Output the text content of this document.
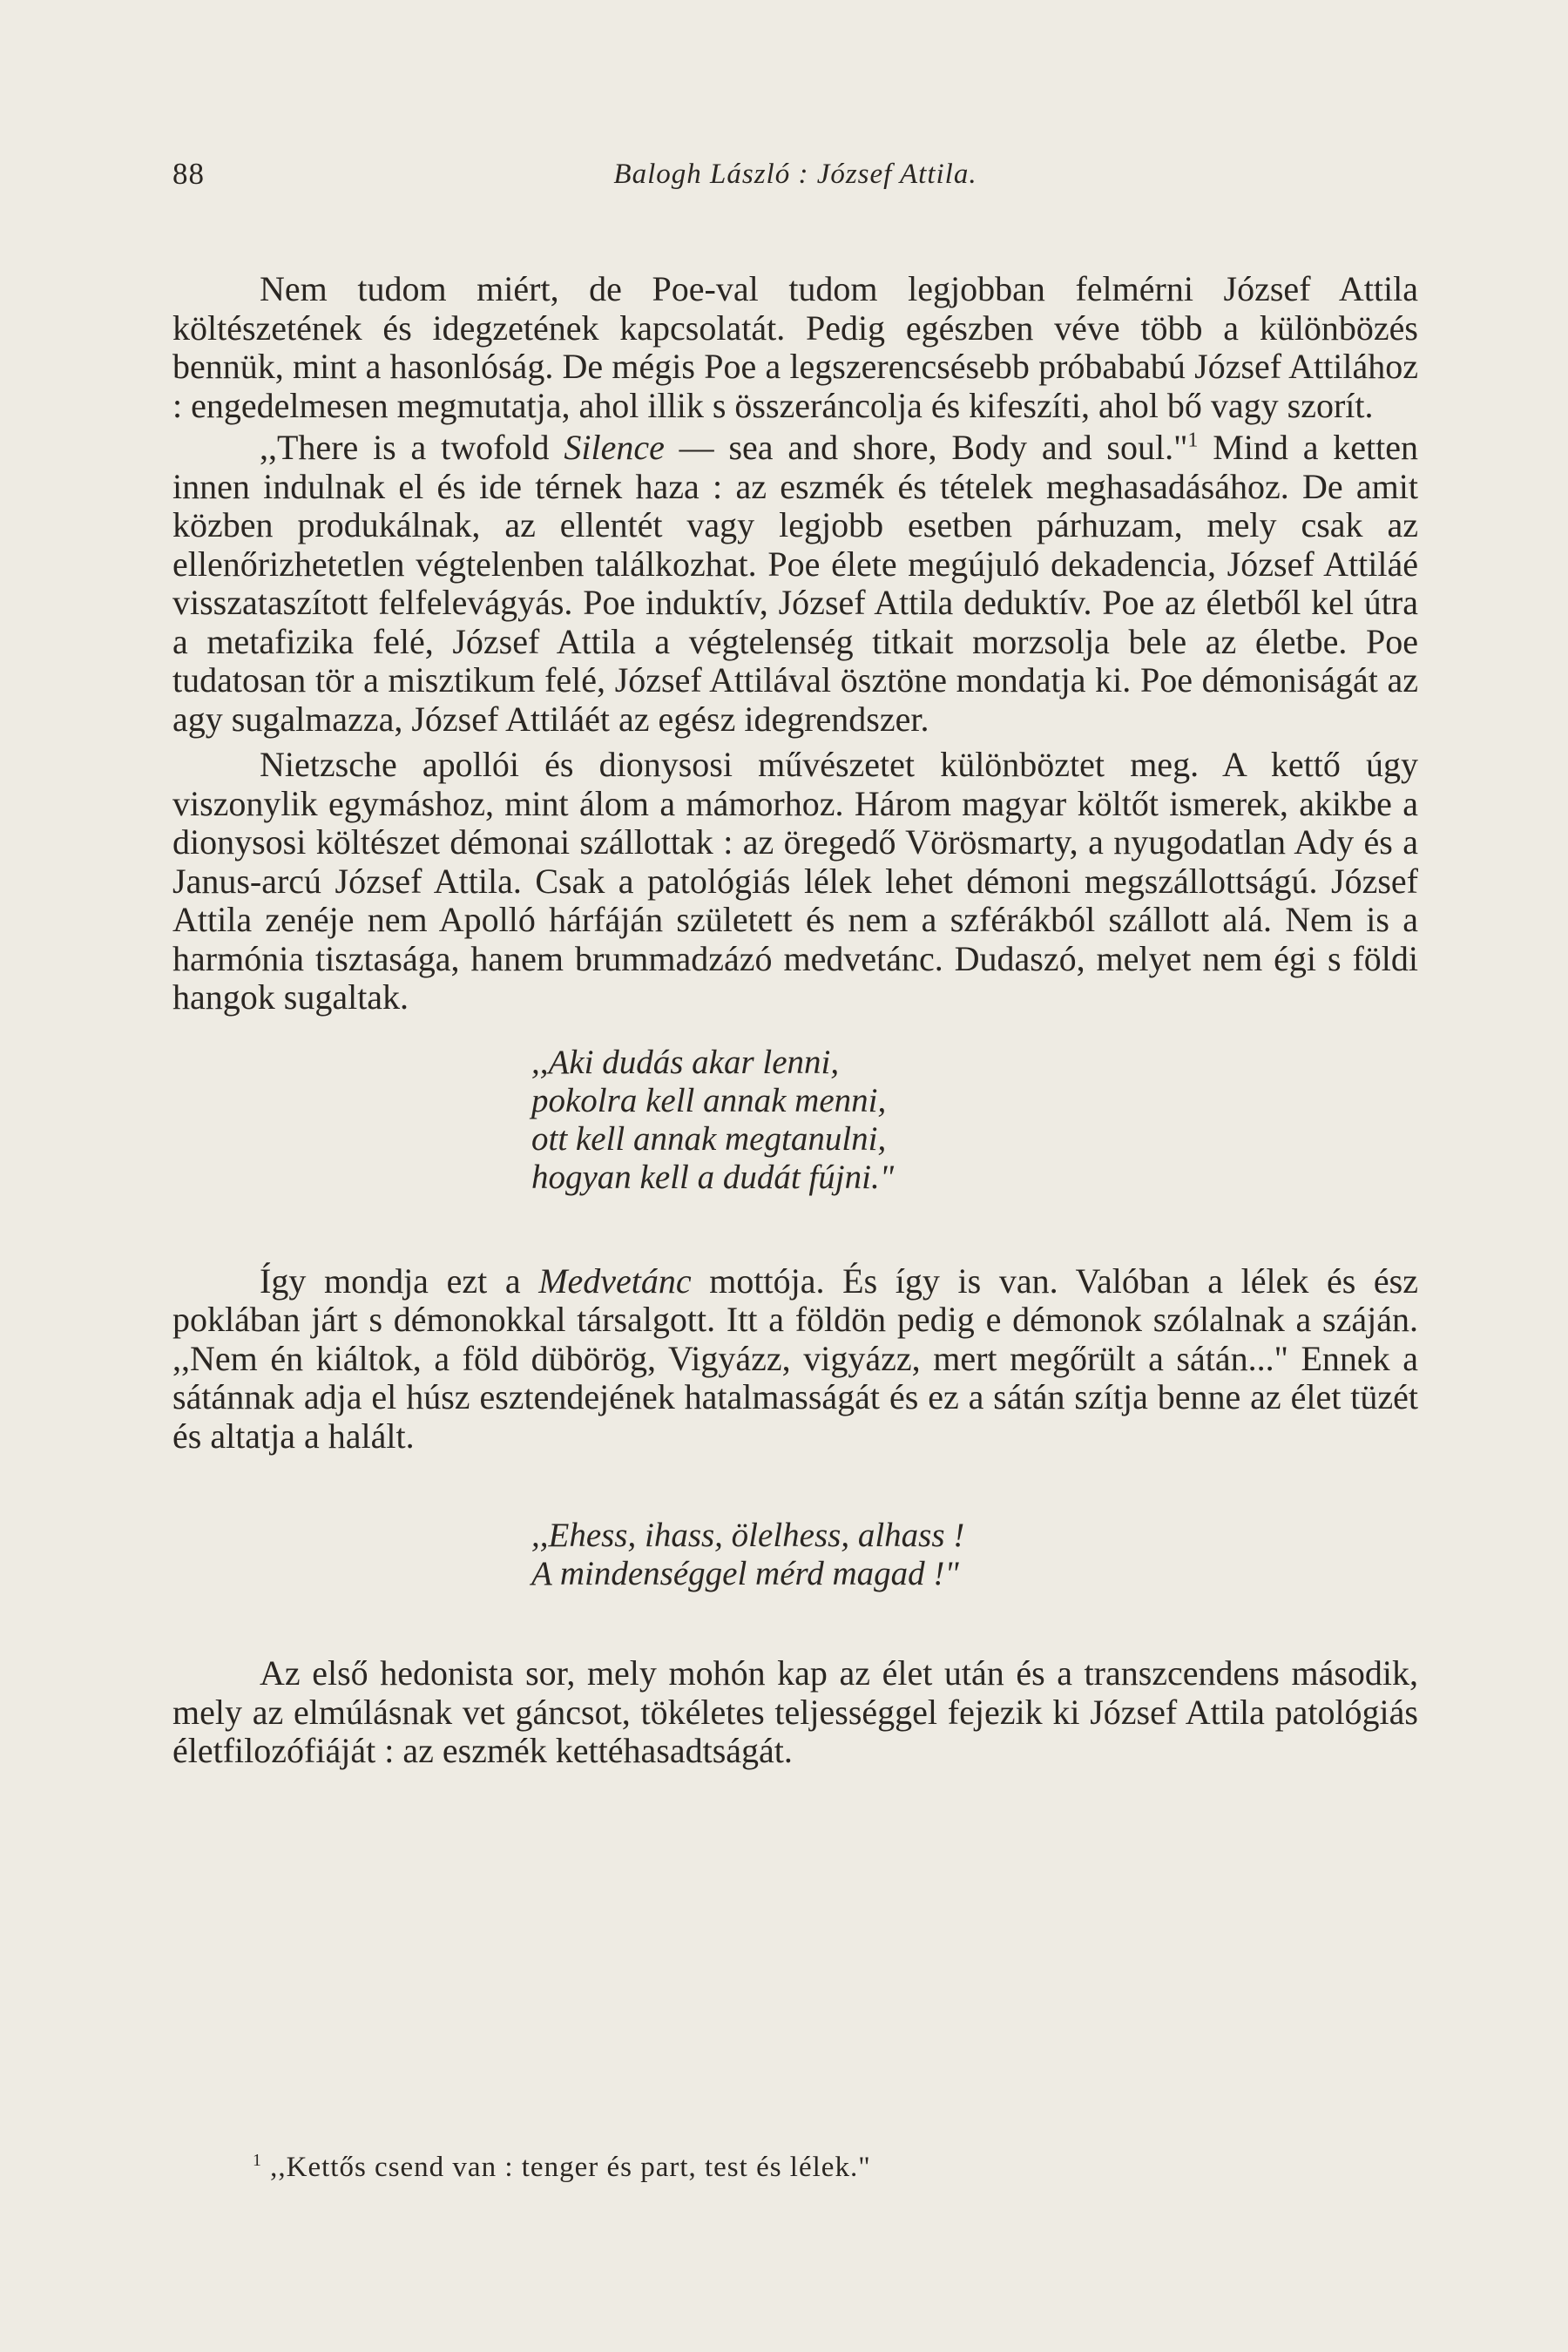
88	Balogh László : József Attila.

Nem tudom miért, de Poe-val tudom legjobban felmérni József Attila költészetének és idegzetének kapcsolatát. Pedig egészben véve több a különbözés bennük, mint a hasonlóság. De mégis Poe a legszerencsésebb próbababú József Attilához : engedelmesen megmutatja, ahol illik s összeráncolja és kifeszíti, ahol bő vagy szorít.

,,There is a twofold Silence — sea and shore, Body and soul."$^1$ Mind a ketten innen indulnak el és ide térnek haza : az eszmék és tételek meghasadásához. De amit közben produkálnak, az ellentét vagy legjobb esetben párhuzam, mely csak az ellenőrizhetetlen végtelenben találkozhat. Poe élete megújuló dekadencia, József Attiláé visszataszított felfelevágyás. Poe induktív, József Attila deduktív. Poe az életből kel útra a metafizika felé, József Attila a végtelenség titkait morzsolja bele az életbe. Poe tudatosan tör a misztikum felé, József Attilával ösztöne mondatja ki. Poe démoniságát az agy sugalmazza, József Attiláét az egész idegrendszer.

Nietzsche apollói és dionysosi művészetet különböztet meg. A kettő úgy viszonylik egymáshoz, mint álom a mámorhoz. Három magyar költőt ismerek, akikbe a dionysosi költészet démonai szállottak : az öregedő Vörösmarty, a nyugodatlan Ady és a Janus-arcú József Attila. Csak a patológiás lélek lehet démoni megszállottságú. József Attila zenéje nem Apolló hárfáján született és nem a szférákból szállott alá. Nem is a harmónia tisztasága, hanem brummadzázó medvetánc. Dudaszó, melyet nem égi s földi hangok sugaltak.

,,Aki dudás akar lenni,
pokolra kell annak menni,
ott kell annak megtanulni,
hogyan kell a dudát fújni."

Így mondja ezt a Medvetánc mottója. És így is van. Valóban a lélek és ész poklában járt s démonokkal társalgott. Itt a földön pedig e démonok szólalnak a száján. ,,Nem én kiáltok, a föld dübörög, Vigyázz, vigyázz, mert megőrült a sátán..." Ennek a sátánnak adja el húsz esztendejének hatalmasságát és ez a sátán szítja benne az élet tüzét és altatja a halált.

,,Ehess, ihass, ölelhess, alhass !
A mindenséggel mérd magad !"

Az első hedonista sor, mely mohón kap az élet után és a transzcendens második, mely az elmúlásnak vet gáncsot, tökéletes teljességgel fejezik ki József Attila patológiás életfilozófiáját : az eszmék kettéhasadtságát.

$^1$ ,,Kettős csend van : tenger és part, test és lélek."
